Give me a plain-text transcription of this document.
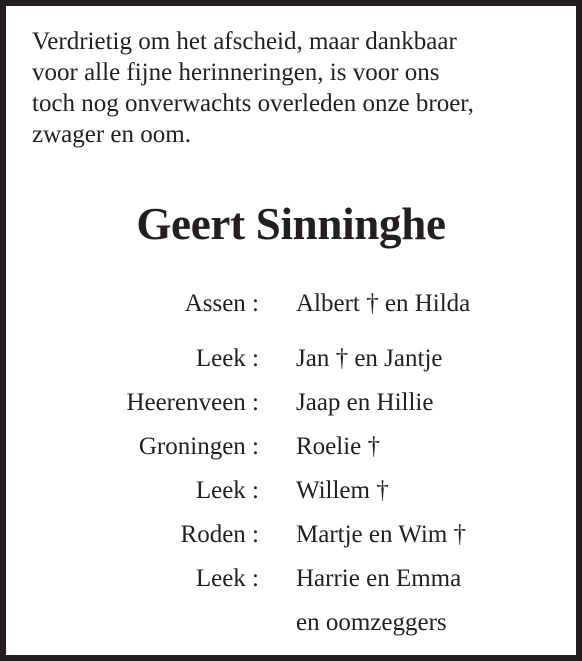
Verdrietig om het afscheid, maar dankbaar
voor alle fijne herinneringen, is voor ons
toch nog onverwachts overleden onze broer,
zwager en oom.
Geert Sinninghe
Assen : Albert † en Hilda
Leek : Jan † en Jantje
Heerenveen : Jaap en Hillie
Groningen : Roelie †
Leek : Willem †
Roden : Martje en Wim †
Leek : Harrie en Emma
en oomzeggers
